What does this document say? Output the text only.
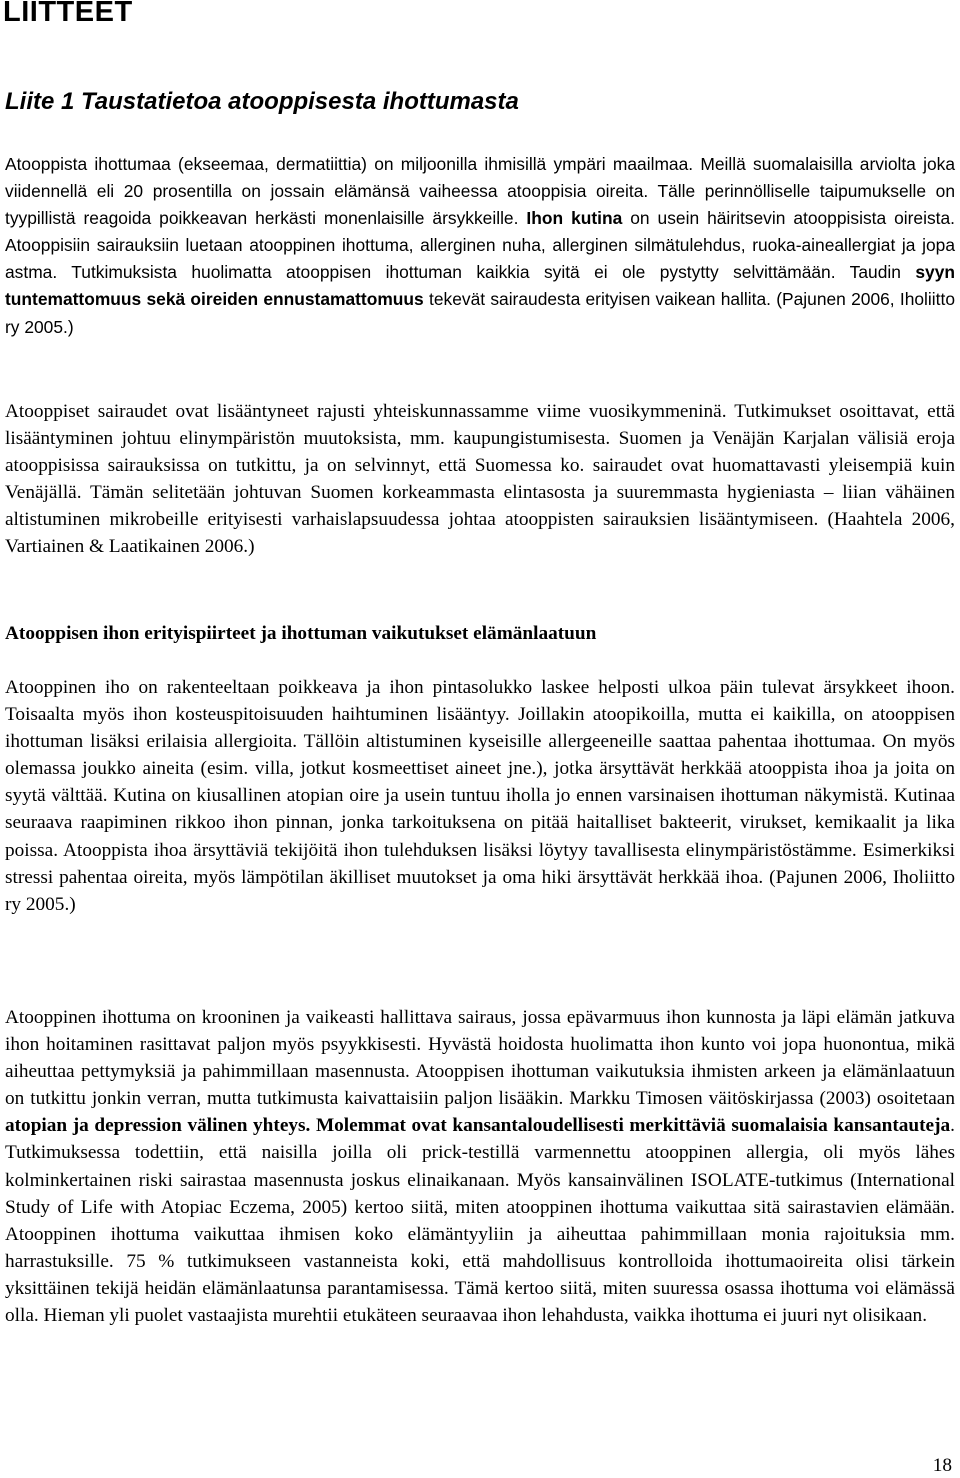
LIITTEET
Liite 1 Taustatietoa atooppisesta ihottumasta

Atooppista ihottumaa (ekseemaa, dermatiittia) on miljoonilla ihmisillä ympäri maailmaa. Meillä suomalaisilla arviolta joka viidennellä eli 20 prosentilla on jossain elämänsä vaiheessa atooppisia oireita. Tälle perinnölliselle taipumukselle on tyypillistä reagoida poikkeavan herkästi monenlaisille ärsykkeille. Ihon kutina on usein häiritsevin atooppisista oireista. Atooppisiin sairauksiin luetaan atooppinen ihottuma, allerginen nuha, allerginen silmätulehdus, ruoka-aineallergiat ja jopa astma. Tutkimuksista huolimatta atooppisen ihottuman kaikkia syitä ei ole pystytty selvittämään. Taudin syyn tuntemattomuus sekä oireiden ennustamattomuus tekevät sairaudesta erityisen vaikean hallita. (Pajunen 2006, Iholiitto ry 2005.)

Atooppiset sairaudet ovat lisääntyneet rajusti yhteiskunnassamme viime vuosikymmeninä. Tutkimukset osoittavat, että lisääntyminen johtuu elinympäristön muutoksista, mm. kaupungistumisesta. Suomen ja Venäjän Karjalan välisiä eroja atooppisissa sairauksissa on tutkittu, ja on selvinnyt, että Suomessa ko. sairaudet ovat huomattavasti yleisempiä kuin Venäjällä. Tämän selitetään johtuvan Suomen korkeammasta elintasosta ja suuremmasta hygieniasta – liian vähäinen altistuminen mikrobeille erityisesti varhaislapsuudessa johtaa atooppisten sairauksien lisääntymiseen. (Haahtela 2006, Vartiainen & Laatikainen 2006.)

Atooppisen ihon erityispiirteet ja ihottuman vaikutukset elämänlaatuun

Atooppinen iho on rakenteeltaan poikkeava ja ihon pintasolukko laskee helposti ulkoa päin tulevat ärsykkeet ihoon. Toisaalta myös ihon kosteuspitoisuuden haihtuminen lisääntyy. Joillakin atoopikoilla, mutta ei kaikilla, on atooppisen ihottuman lisäksi erilaisia allergioita. Tällöin altistuminen kyseisille allergeeneille saattaa pahentaa ihottumaa. On myös olemassa joukko aineita (esim. villa, jotkut kosmeettiset aineet jne.), jotka ärsyttävät herkkää atooppista ihoa ja joita on syytä välttää. Kutina on kiusallinen atopian oire ja usein tuntuu iholla jo ennen varsinaisen ihottuman näkymistä. Kutinaa seuraava raapiminen rikkoo ihon pinnan, jonka tarkoituksena on pitää haitalliset bakteerit, virukset, kemikaalit ja lika poissa. Atooppista ihoa ärsyttäviä tekijöitä ihon tulehduksen lisäksi löytyy tavallisesta elinympäristöstämme. Esimerkiksi stressi pahentaa oireita, myös lämpötilan äkilliset muutokset ja oma hiki ärsyttävät herkkää ihoa. (Pajunen 2006, Iholiitto ry 2005.)

Atooppinen ihottuma on krooninen ja vaikeasti hallittava sairaus, jossa epävarmuus ihon kunnosta ja läpi elämän jatkuva ihon hoitaminen rasittavat paljon myös psyykkisesti. Hyvästä hoidosta huolimatta ihon kunto voi jopa huonontua, mikä aiheuttaa pettymyksiä ja pahimmillaan masennusta. Atooppisen ihottuman vaikutuksia ihmisten arkeen ja elämänlaatuun on tutkittu jonkin verran, mutta tutkimusta kaivattaisiin paljon lisääkin. Markku Timosen väitöskirjassa (2003) osoitetaan atopian ja depression välinen yhteys. Molemmat ovat kansantaloudellisesti merkittäviä suomalaisia kansantauteja. Tutkimuksessa todettiin, että naisilla joilla oli prick-testillä varmennettu atooppinen allergia, oli myös lähes kolminkertainen riski sairastaa masennusta joskus elinaikanaan. Myös kansainvälinen ISOLATE-tutkimus (International Study of Life with Atopiac Eczema, 2005) kertoo siitä, miten atooppinen ihottuma vaikuttaa sitä sairastavien elämään. Atooppinen ihottuma vaikuttaa ihmisen koko elämäntyyliin ja aiheuttaa pahimmillaan monia rajoituksia mm. harrastuksille. 75 % tutkimukseen vastanneista koki, että mahdollisuus kontrolloida ihottumaoireita olisi tärkein yksittäinen tekijä heidän elämänlaatunsa parantamisessa. Tämä kertoo siitä, miten suuressa osassa ihottuma voi elämässä olla. Hieman yli puolet vastaajista murehtii etukäteen seuraavaa ihon lehahdusta, vaikka ihottuma ei juuri nyt olisikaan.

18
